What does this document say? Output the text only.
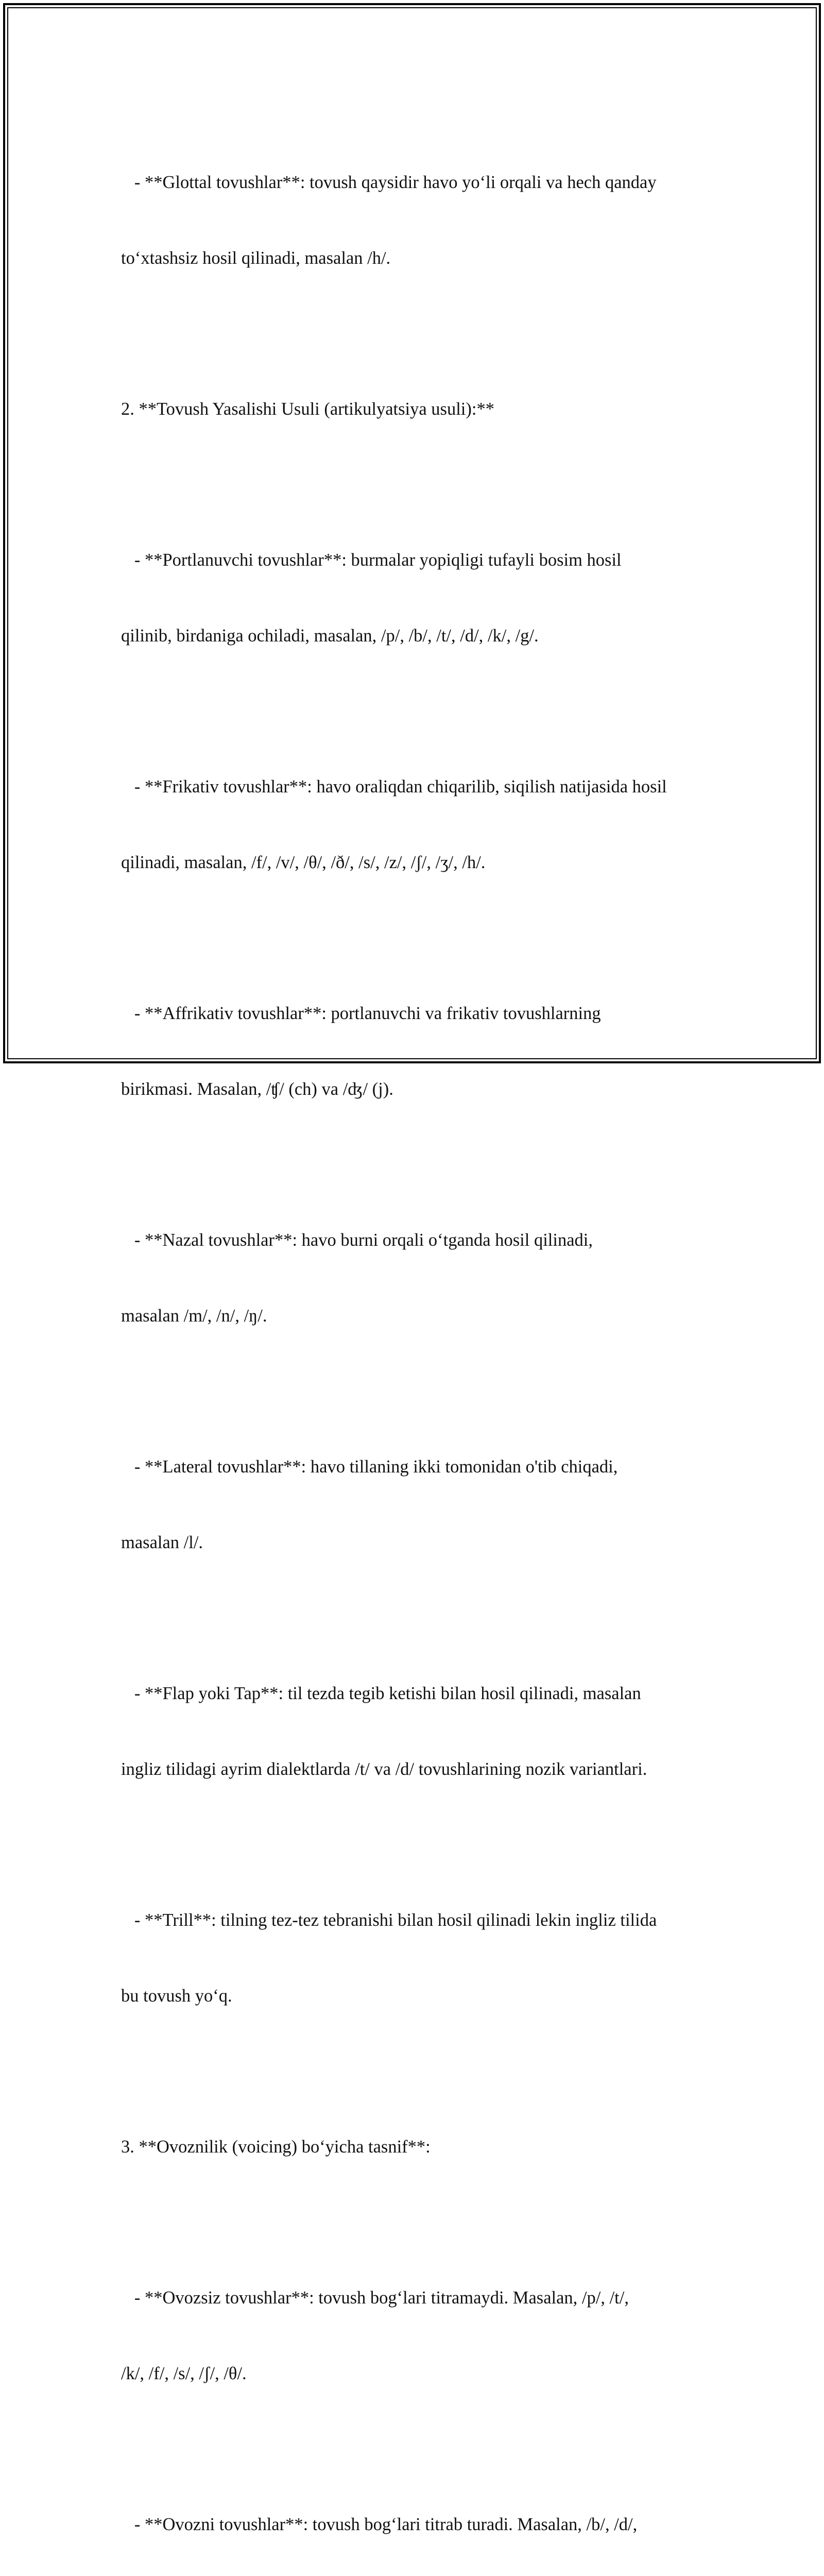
- **Glottal tovushlar**: tovush qaysidir havo yo‘li orqali va hech qanday

to‘xtashsiz hosil qilinadi, masalan /h/.

2. **Tovush Yasalishi Usuli (artikulyatsiya usuli):**

- **Portlanuvchi tovushlar**: burmalar yopiqligi tufayli bosim hosil

qilinib, birdaniga ochiladi, masalan, /p/, /b/, /t/, /d/, /k/, /g/.

- **Frikativ tovushlar**: havo oraliqdan chiqarilib, siqilish natijasida hosil

qilinadi, masalan, /f/, /v/, /θ/, /ð/, /s/, /z/, /ʃ/, /ʒ/, /h/.

- **Affrikativ tovushlar**: portlanuvchi va frikativ tovushlarning

birikmasi. Masalan, /ʧ/ (ch) va /ʤ/ (j).

- **Nazal tovushlar**: havo burni orqali o‘tganda hosil qilinadi,

masalan /m/, /n/, /ŋ/.

- **Lateral tovushlar**: havo tillaning ikki tomonidan o'tib chiqadi,

masalan /l/.

- **Flap yoki Tap**: til tezda tegib ketishi bilan hosil qilinadi, masalan

ingliz tilidagi ayrim dialektlarda /t/ va /d/ tovushlarining nozik variantlari.

- **Trill**: tilning tez-tez tebranishi bilan hosil qilinadi lekin ingliz tilida

bu tovush yo‘q.

3. **Ovoznilik (voicing) bo‘yicha tasnif**:

- **Ovozsiz tovushlar**: tovush bog‘lari titramaydi. Masalan, /p/, /t/,

/k/, /f/, /s/, /ʃ/, /θ/.

- **Ovozni tovushlar**: tovush bog‘lari titrab turadi. Masalan, /b/, /d/,
